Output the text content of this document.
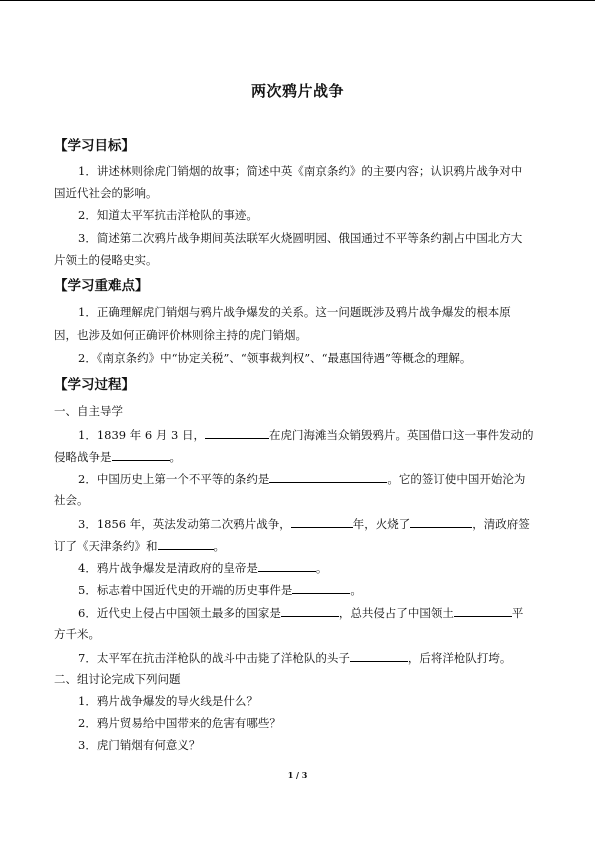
两次鸦片战争
【学习目标】
1．讲述林则徐虎门销烟的故事；简述中英《南京条约》的主要内容；认识鸦片战争对中
国近代社会的影响。
2．知道太平军抗击洋枪队的事迹。
3．简述第二次鸦片战争期间英法联军火烧圆明园、俄国通过不平等条约割占中国北方大
片领土的侵略史实。
【学习重难点】
1．正确理解虎门销烟与鸦片战争爆发的关系。这一问题既涉及鸦片战争爆发的根本原
因，也涉及如何正确评价林则徐主持的虎门销烟。
2．《南京条约》中“协定关税”、“领事裁判权”、“最惠国待遇”等概念的理解。
【学习过程】
一、自主导学
1．1839 年 6 月 3 日，	在虎门海滩当众销毁鸦片。英国借口这一事件发动的
侵略战争是	。
2．中国历史上第一个不平等的条约是	。它的签订使中国开始沦为
社会。
3．1856 年，英法发动第二次鸦片战争，	年，火烧了	，清政府签
订了《天津条约》和	。
4．鸦片战争爆发是清政府的皇帝是	。
5．标志着中国近代史的开端的历史事件是	。
6．近代史上侵占中国领土最多的国家是	，总共侵占了中国领土	平
方千米。
7．太平军在抗击洋枪队的战斗中击毙了洋枪队的头子	，后将洋枪队打垮。
二、组讨论完成下列问题
1．鸦片战争爆发的导火线是什么？
2．鸦片贸易给中国带来的危害有哪些？
3．虎门销烟有何意义？
1 / 3
